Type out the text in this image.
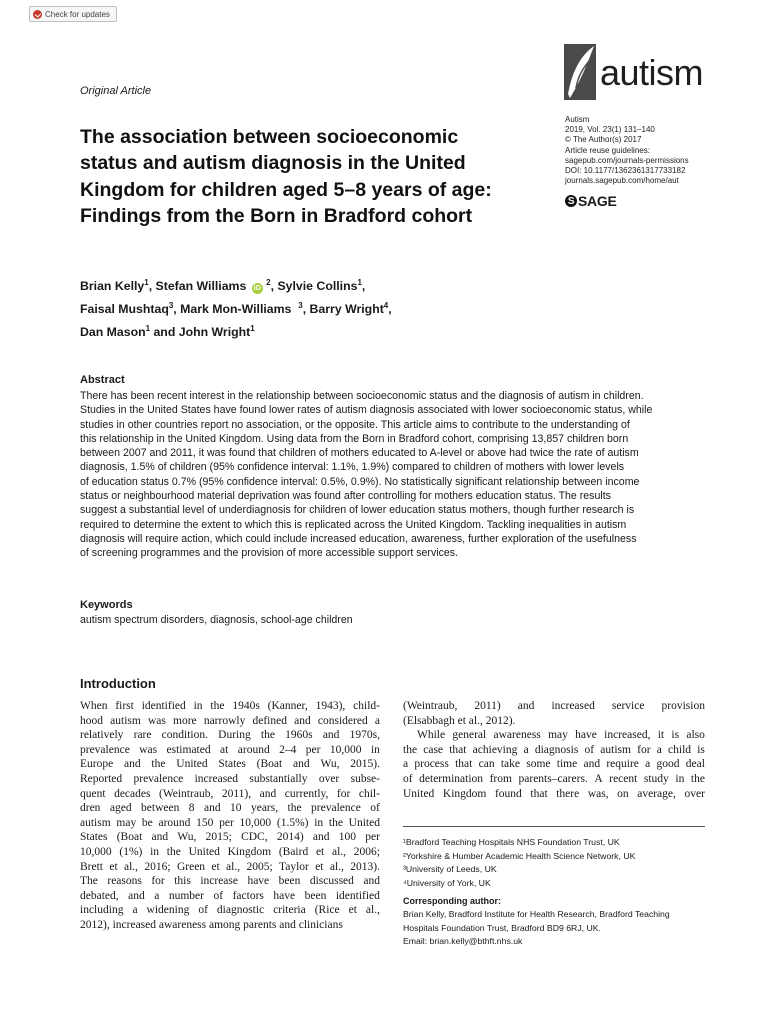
Check for updates
Original Article	autism
Autism
2019, Vol. 23(1) 131–140
© The Author(s) 2017
Article reuse guidelines:
sagepub.com/journals-permissions
DOI: 10.1177/1362361317733182
journals.sagepub.com/home/aut
S SAGE
The association between socioeconomic
status and autism diagnosis in the United
Kingdom for children aged 5–8 years of age:
Findings from the Born in Bradford cohort
Brian Kelly$^1$, Stefan Williams iD $^2$, Sylvie Collins$^1$,
Faisal Mushtaq$^3$, Mark Mon-Williams $^3$, Barry Wright$^4$,
Dan Mason$^1$ and John Wright$^1$
Abstract
There has been recent interest in the relationship between socioeconomic status and the diagnosis of autism in children.
Studies in the United States have found lower rates of autism diagnosis associated with lower socioeconomic status, while
studies in other countries report no association, or the opposite. This article aims to contribute to the understanding of
this relationship in the United Kingdom. Using data from the Born in Bradford cohort, comprising 13,857 children born
between 2007 and 2011, it was found that children of mothers educated to A-level or above had twice the rate of autism
diagnosis, 1.5% of children (95% confidence interval: 1.1%, 1.9%) compared to children of mothers with lower levels
of education status 0.7% (95% confidence interval: 0.5%, 0.9%). No statistically significant relationship between income
status or neighbourhood material deprivation was found after controlling for mothers education status. The results
suggest a substantial level of underdiagnosis for children of lower education status mothers, though further research is
required to determine the extent to which this is replicated across the United Kingdom. Tackling inequalities in autism
diagnosis will require action, which could include increased education, awareness, further exploration of the usefulness
of screening programmes and the provision of more accessible support services.
Keywords
autism spectrum disorders, diagnosis, school-age children
Introduction
When first identified in the 1940s (Kanner, 1943), child-
hood autism was more narrowly defined and considered a
relatively rare condition. During the 1960s and 1970s,
prevalence was estimated at around 2–4 per 10,000 in
Europe and the United States (Boat and Wu, 2015).
Reported prevalence increased substantially over subse-
quent decades (Weintraub, 2011), and currently, for chil-
dren aged between 8 and 10 years, the prevalence of
autism may be around 150 per 10,000 (1.5%) in the United
States (Boat and Wu, 2015; CDC, 2014) and 100 per
10,000 (1%) in the United Kingdom (Baird et al., 2006;
Brett et al., 2016; Green et al., 2005; Taylor et al., 2013).
The reasons for this increase have been discussed and
debated, and a number of factors have been identified
including a widening of diagnostic criteria (Rice et al.,
2012), increased awareness among parents and clinicians
(Weintraub, 2011) and increased service provision
(Elsabbagh et al., 2012).
While general awareness may have increased, it is also
the case that achieving a diagnosis of autism for a child is
a process that can take some time and require a good deal
of determination from parents–carers. A recent study in the
United Kingdom found that there was, on average, over
¹Bradford Teaching Hospitals NHS Foundation Trust, UK
²Yorkshire & Humber Academic Health Science Network, UK
³University of Leeds, UK
⁴University of York, UK
Corresponding author:
Brian Kelly, Bradford Institute for Health Research, Bradford Teaching
Hospitals Foundation Trust, Bradford BD9 6RJ, UK.
Email: brian.kelly@bthft.nhs.uk
